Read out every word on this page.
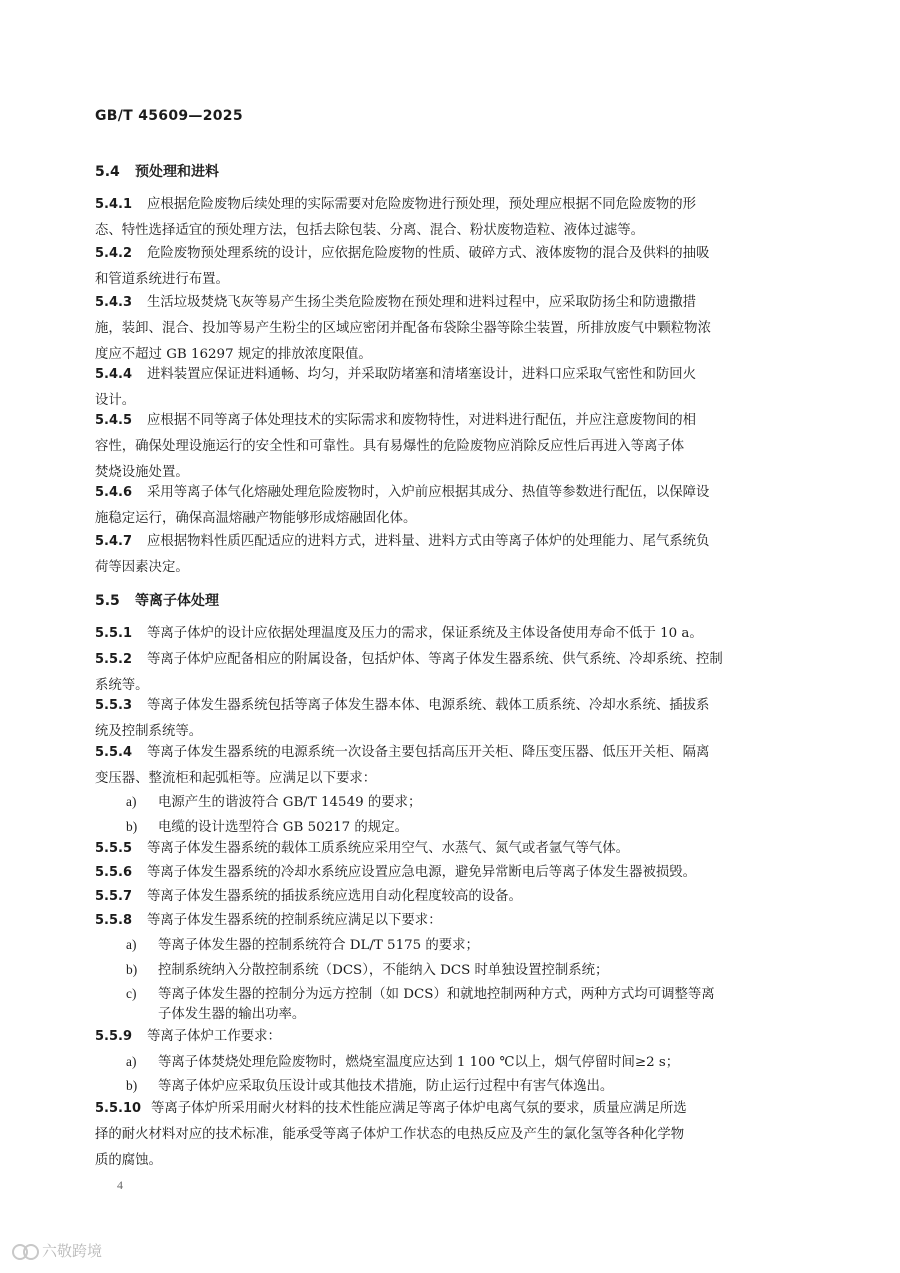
GB/T 45609—2025
5.4 预处理和进料
5.4.1 应根据危险废物后续处理的实际需要对危险废物进行预处理，预处理应根据不同危险废物的形
态、特性选择适宜的预处理方法，包括去除包装、分离、混合、粉状废物造粒、液体过滤等。
5.4.2 危险废物预处理系统的设计，应依据危险废物的性质、破碎方式、液体废物的混合及供料的抽吸
和管道系统进行布置。
5.4.3 生活垃圾焚烧飞灰等易产生扬尘类危险废物在预处理和进料过程中，应采取防扬尘和防遗撒措
施，装卸、混合、投加等易产生粉尘的区域应密闭并配备布袋除尘器等除尘装置，所排放废气中颗粒物浓
度应不超过 GB 16297 规定的排放浓度限值。
5.4.4 进料装置应保证进料通畅、均匀，并采取防堵塞和清堵塞设计，进料口应采取气密性和防回火
设计。
5.4.5 应根据不同等离子体处理技术的实际需求和废物特性，对进料进行配伍，并应注意废物间的相
容性，确保处理设施运行的安全性和可靠性。具有易爆性的危险废物应消除反应性后再进入等离子体
焚烧设施处置。
5.4.6 采用等离子体气化熔融处理危险废物时，入炉前应根据其成分、热值等参数进行配伍，以保障设
施稳定运行，确保高温熔融产物能够形成熔融固化体。
5.4.7 应根据物料性质匹配适应的进料方式，进料量、进料方式由等离子体炉的处理能力、尾气系统负
荷等因素决定。
5.5 等离子体处理
5.5.1 等离子体炉的设计应依据处理温度及压力的需求，保证系统及主体设备使用寿命不低于 10 a。
5.5.2 等离子体炉应配备相应的附属设备，包括炉体、等离子体发生器系统、供气系统、冷却系统、控制
系统等。
5.5.3 等离子体发生器系统包括等离子体发生器本体、电源系统、载体工质系统、冷却水系统、插拔系
统及控制系统等。
5.5.4 等离子体发生器系统的电源系统一次设备主要包括高压开关柜、降压变压器、低压开关柜、隔离
变压器、整流柜和起弧柜等。应满足以下要求：
a) 电源产生的谐波符合 GB/T 14549 的要求；
b) 电缆的设计选型符合 GB 50217 的规定。
5.5.5 等离子体发生器系统的载体工质系统应采用空气、水蒸气、氮气或者氩气等气体。
5.5.6 等离子体发生器系统的冷却水系统应设置应急电源，避免异常断电后等离子体发生器被损毁。
5.5.7 等离子体发生器系统的插拔系统应选用自动化程度较高的设备。
5.5.8 等离子体发生器系统的控制系统应满足以下要求：
a) 等离子体发生器的控制系统符合 DL/T 5175 的要求；
b) 控制系统纳入分散控制系统（DCS），不能纳入 DCS 时单独设置控制系统；
c) 等离子体发生器的控制分为远方控制（如 DCS）和就地控制两种方式，两种方式均可调整等离
子体发生器的输出功率。
5.5.9 等离子体炉工作要求：
a) 等离子体焚烧处理危险废物时，燃烧室温度应达到 1 100 ℃以上，烟气停留时间≥2 s；
b) 等离子体炉应采取负压设计或其他技术措施，防止运行过程中有害气体逸出。
5.5.10 等离子体炉所采用耐火材料的技术性能应满足等离子体炉电离气氛的要求，质量应满足所选
择的耐火材料对应的技术标准，能承受等离子体炉工作状态的电热反应及产生的氯化氢等各种化学物
质的腐蚀。
4
六敬跨境
